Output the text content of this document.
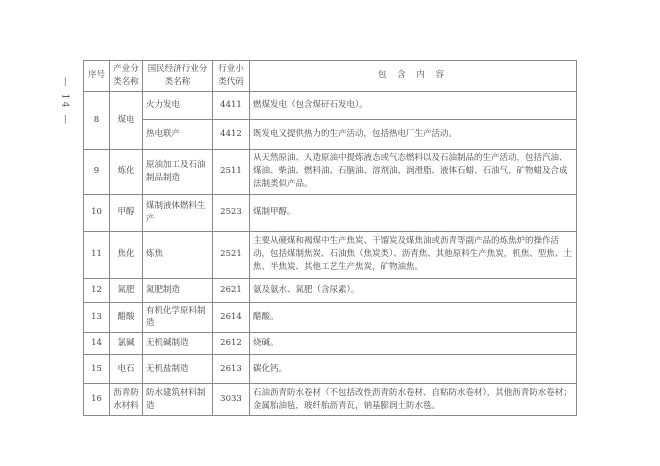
— 14 —
序号	产业分类名称	国民经济行业分类名称	行业小类代码	包 含 内 容
8	煤电	火力发电	4411	燃煤发电（包含煤矸石发电）。
		热电联产	4412	既发电又提供热力的生产活动，包括热电厂生产活动。
9	炼化	原油加工及石油制品制造	2511	从天然原油、人造原油中提炼液态或气态燃料以及石油制品的生产活动，包括汽油、煤油、柴油、燃料油、石脑油、溶剂油、润滑脂、液体石蜡、石油气、矿物蜡及合成法制类似产品。
10	甲醇	煤制液体燃料生产	2523	煤制甲醇。
11	焦化	炼焦	2521	主要从硬煤和褐煤中生产焦炭、干馏炭及煤焦油或沥青等副产品的炼焦炉的操作活动，包括煤制焦炭、石油焦（焦炭类）、沥青焦、其他原料生产焦炭，机焦、型焦、土焦、半焦炭、其他工艺生产焦炭，矿物油焦。
12	氮肥	氮肥制造	2621	氨及氨水、氮肥（含尿素）。
13	醋酸	有机化学原料制造	2614	醋酸。
14	氯碱	无机碱制造	2612	烧碱。
15	电石	无机盐制造	2613	碳化钙。
16	沥青防水材料	防水建筑材料制造	3033	石油沥青防水卷材（不包括改性沥青防水卷材、自粘防水卷材），其他沥青防水卷材；金属胎油毡，玻纤胎沥青瓦，钠基膨润土防水毯。
